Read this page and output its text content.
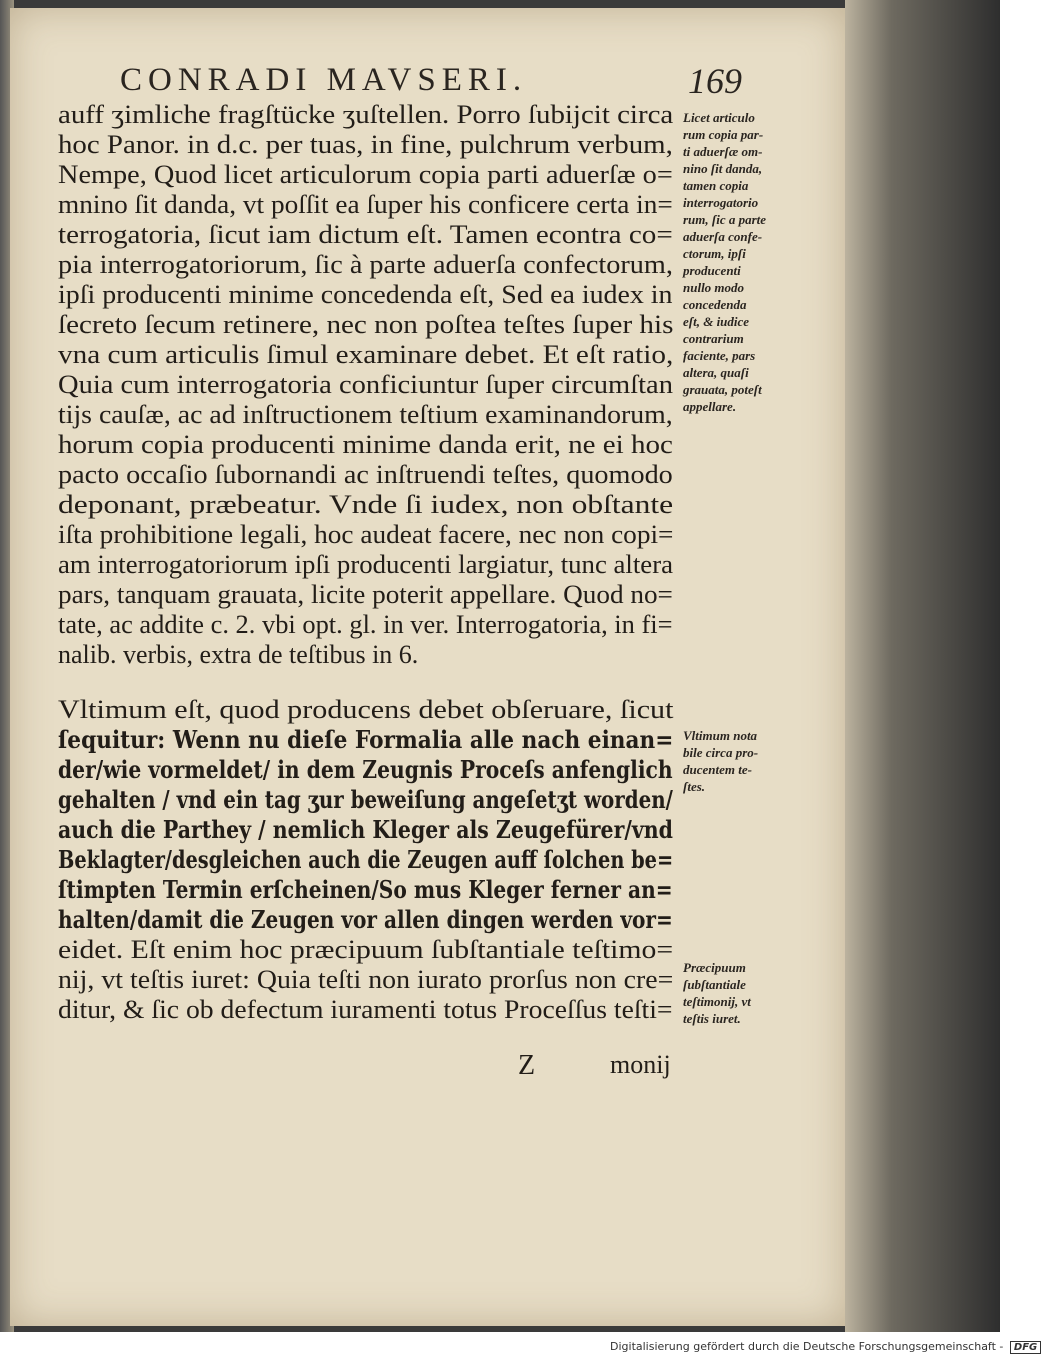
CONRADI MAVSERI.	169
auff ʒimliche fragſtücke ʒuſtellen. Porro ſubijcit circa
hoc Panor. in d.c. per tuas, in fine, pulchrum verbum,
Nempe, Quod licet articulorum copia parti aduerſæ o=
mnino ſit danda, vt poſſit ea ſuper his conficere certa in=
terrogatoria, ſicut iam dictum eſt. Tamen econtra co=
pia interrogatoriorum, ſic à parte aduerſa confectorum,
ipſi producenti minime concedenda eſt, Sed ea iudex in
ſecreto ſecum retinere, nec non poſtea teſtes ſuper his
vna cum articulis ſimul examinare debet. Et eſt ratio,
Quia cum interrogatoria conficiuntur ſuper circumſtan
tijs cauſæ, ac ad inſtructionem teſtium examinandorum,
horum copia producenti minime danda erit, ne ei hoc
pacto occaſio ſubornandi ac inſtruendi teſtes, quomodo
deponant, præbeatur. Vnde ſi iudex, non obſtante
iſta prohibitione legali, hoc audeat facere, nec non copi=
am interrogatoriorum ipſi producenti largiatur, tunc altera
pars, tanquam grauata, licite poterit appellare. Quod no=
tate, ac addite c. 2. vbi opt. gl. in ver. Interrogatoria, in fi=
nalib. verbis, extra de teſtibus in 6.
Vltimum eſt, quod producens debet obſeruare, ſicut
ſequitur: Wenn nu dieſe Formalia alle nach einan=
der/wie vormeldet/ in dem Zeugnis Proceſs anfenglich
gehalten / vnd ein tag ʒur beweiſung angeſetʒt worden/
auch die Parthey / nemlich Kleger als Zeugefürer/vnd
Beklagter/desgleichen auch die Zeugen auff ſolchen be=
ſtimpten Termin erſcheinen/So mus Kleger ferner an=
halten/damit die Zeugen vor allen dingen werden vor=
eidet. Eſt enim hoc præcipuum ſubſtantiale teſtimo=
nij, vt teſtis iuret: Quia teſti non iurato prorſus non cre=
ditur, & ſic ob defectum iuramenti totus Proceſſus teſti=
Licet articulo
rum copia par-
ti aduerſæ om-
nino ſit danda,
tamen copia
interrogatorio
rum, ſic a parte
aduerſa confe-
ctorum, ipſi
producenti
nullo modo
concedenda
eſt, & iudice
contrarium
faciente, pars
altera, quaſi
grauata, poteſt
appellare.
Vltimum nota
bile circa pro-
ducentem te-
ſtes.
Præcipuum
ſubſtantiale
teſtimonij, vt
teſtis iuret.
Z	monij
Digitalisierung gefördert durch die Deutsche Forschungsgemeinschaft - DFG
